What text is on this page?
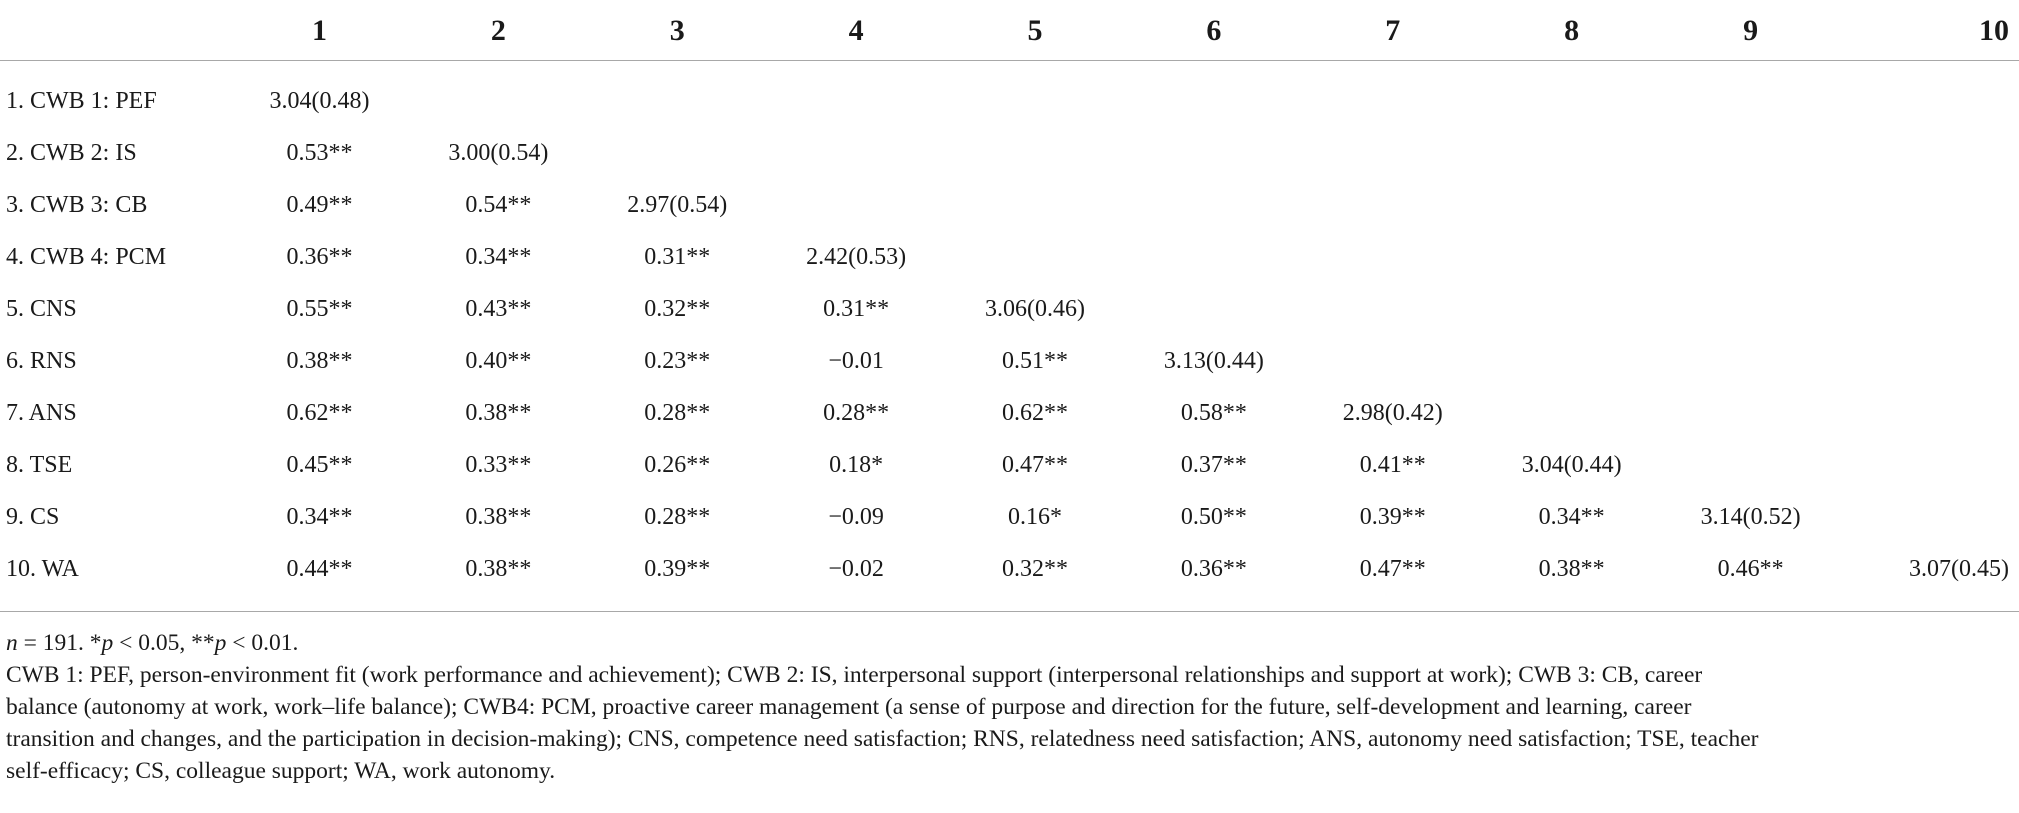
	1	2	3	4	5	6	7	8	9	10
1. CWB 1: PEF	3.04(0.48)									
2. CWB 2: IS	0.53**	3.00(0.54)								
3. CWB 3: CB	0.49**	0.54**	2.97(0.54)							
4. CWB 4: PCM	0.36**	0.34**	0.31**	2.42(0.53)						
5. CNS	0.55**	0.43**	0.32**	0.31**	3.06(0.46)					
6. RNS	0.38**	0.40**	0.23**	−0.01	0.51**	3.13(0.44)				
7. ANS	0.62**	0.38**	0.28**	0.28**	0.62**	0.58**	2.98(0.42)			
8. TSE	0.45**	0.33**	0.26**	0.18*	0.47**	0.37**	0.41**	3.04(0.44)		
9. CS	0.34**	0.38**	0.28**	−0.09	0.16*	0.50**	0.39**	0.34**	3.14(0.52)	
10. WA	0.44**	0.38**	0.39**	−0.02	0.32**	0.36**	0.47**	0.38**	0.46**	3.07(0.45)

n = 191. *p < 0.05, **p < 0.01.

CWB 1: PEF, person-environment fit (work performance and achievement); CWB 2: IS, interpersonal support (interpersonal relationships and support at work); CWB 3: CB, career

balance (autonomy at work, work–life balance); CWB4: PCM, proactive career management (a sense of purpose and direction for the future, self-development and learning, career

transition and changes, and the participation in decision-making); CNS, competence need satisfaction; RNS, relatedness need satisfaction; ANS, autonomy need satisfaction; TSE, teacher

self-efficacy; CS, colleague support; WA, work autonomy.
